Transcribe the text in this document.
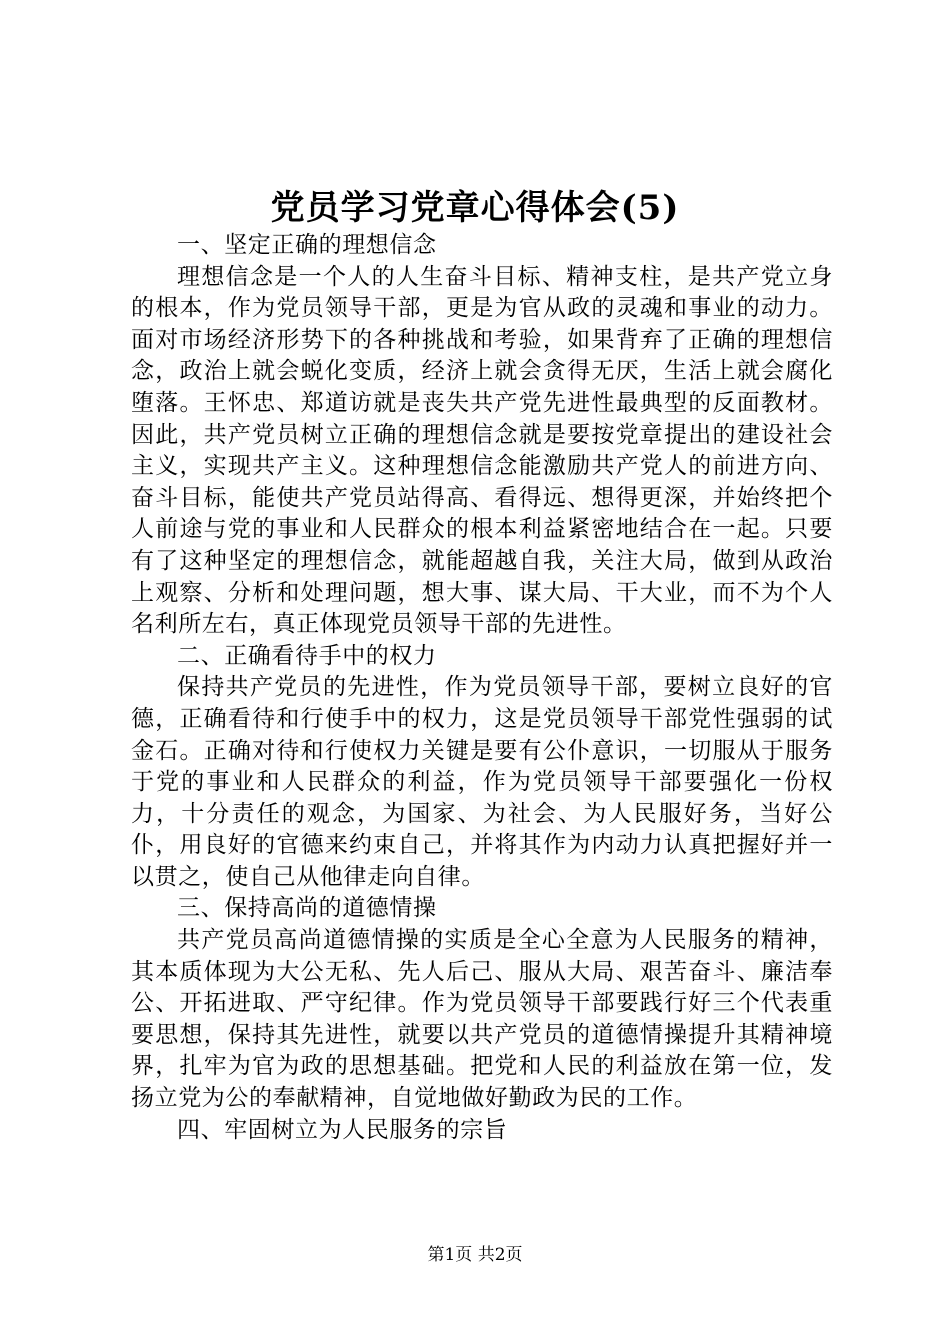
党员学习党章心得体会(5)

一、坚定正确的理想信念

理想信念是一个人的人生奋斗目标、精神支柱，是共产党立身的根本，作为党员领导干部，更是为官从政的灵魂和事业的动力。面对市场经济形势下的各种挑战和考验，如果背弃了正确的理想信念，政治上就会蜕化变质，经济上就会贪得无厌，生活上就会腐化堕落。王怀忠、郑道访就是丧失共产党先进性最典型的反面教材。因此，共产党员树立正确的理想信念就是要按党章提出的建设社会主义，实现共产主义。这种理想信念能激励共产党人的前进方向、奋斗目标，能使共产党员站得高、看得远、想得更深，并始终把个人前途与党的事业和人民群众的根本利益紧密地结合在一起。只要有了这种坚定的理想信念，就能超越自我，关注大局，做到从政治上观察、分析和处理问题，想大事、谋大局、干大业，而不为个人名利所左右，真正体现党员领导干部的先进性。

二、正确看待手中的权力

保持共产党员的先进性，作为党员领导干部，要树立良好的官德，正确看待和行使手中的权力，这是党员领导干部党性强弱的试金石。正确对待和行使权力关键是要有公仆意识，一切服从于服务于党的事业和人民群众的利益，作为党员领导干部要强化一份权力，十分责任的观念，为国家、为社会、为人民服好务，当好公仆，用良好的官德来约束自己，并将其作为内动力认真把握好并一以贯之，使自己从他律走向自律。

三、保持高尚的道德情操

共产党员高尚道德情操的实质是全心全意为人民服务的精神，其本质体现为大公无私、先人后己、服从大局、艰苦奋斗、廉洁奉公、开拓进取、严守纪律。作为党员领导干部要践行好三个代表重要思想，保持其先进性，就要以共产党员的道德情操提升其精神境界，扎牢为官为政的思想基础。把党和人民的利益放在第一位，发扬立党为公的奉献精神，自觉地做好勤政为民的工作。

四、牢固树立为人民服务的宗旨

第1页 共2页
